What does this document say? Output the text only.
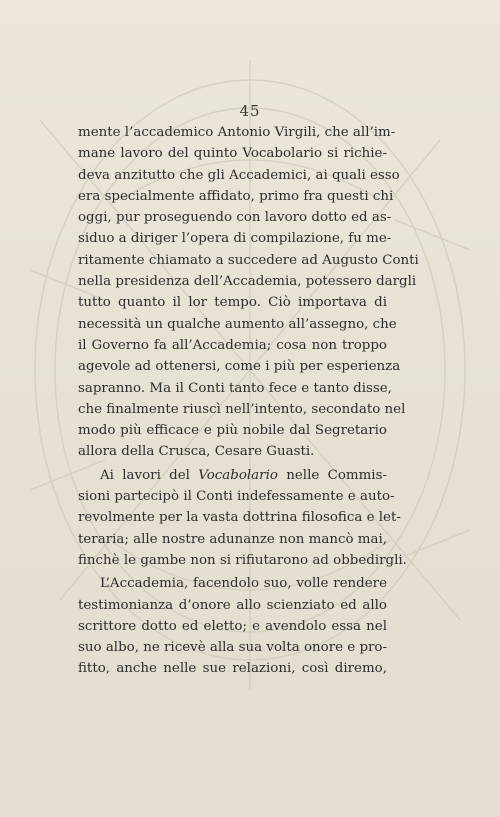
45
mente l’accademico Antonio Virgili, che all’im-
mane lavoro del quinto Vocabolario si richie-
deva anzitutto che gli Accademici, ai quali esso
era specialmente affidato, primo fra questi chi
oggi, pur proseguendo con lavoro dotto ed as-
siduo a diriger l’opera di compilazione, fu me-
ritamente chiamato a succedere ad Augusto Conti
nella presidenza dell’Accademia, potessero dargli
tutto quanto il lor tempo. Ciò importava di
necessità un qualche aumento all’assegno, che
il Governo fa all’Accademia; cosa non troppo
agevole ad ottenersi, come i più per esperienza
sapranno. Ma il Conti tanto fece e tanto disse,
che finalmente riuscì nell’intento, secondato nel
modo più efficace e più nobile dal Segretario
allora della Crusca, Cesare Guasti.
Ai lavori del Vocabolario nelle Commis-
sioni partecipò il Conti indefessamente e auto-
revolmente per la vasta dottrina filosofica e let-
teraria; alle nostre adunanze non mancò mai,
finchè le gambe non si rifiutarono ad obbedirgli.
L’Accademia, facendolo suo, volle rendere
testimonianza d’onore allo scienziato ed allo
scrittore dotto ed eletto; e avendolo essa nel
suo albo, ne ricevè alla sua volta onore e pro-
fitto, anche nelle sue relazioni, così diremo,
